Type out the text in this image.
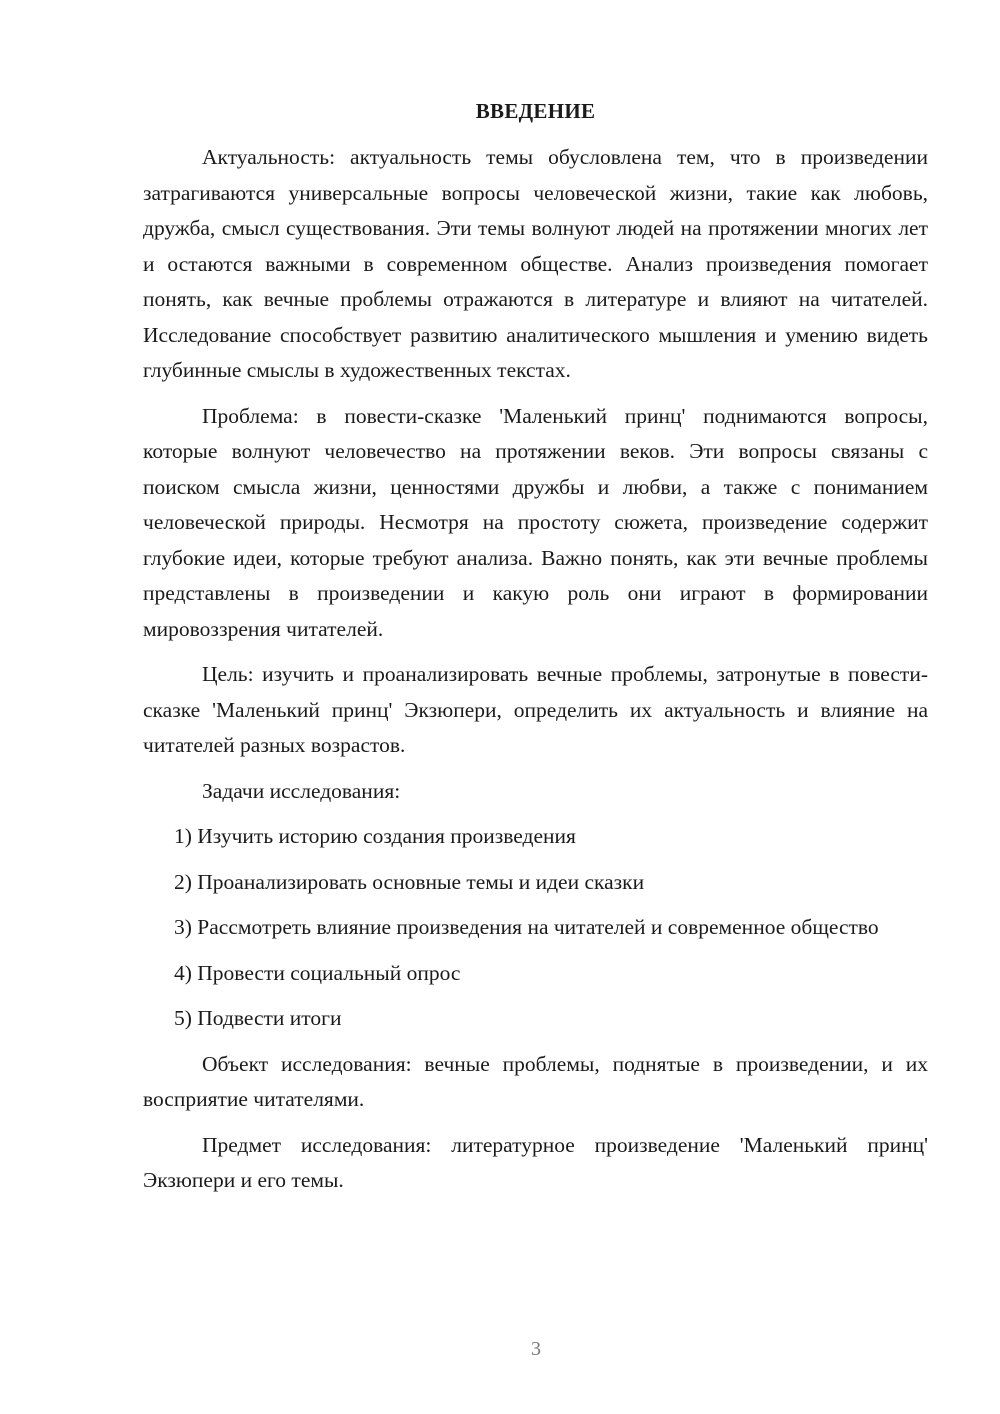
ВВЕДЕНИЕ

Актуальность: актуальность темы обусловлена тем, что в произведении затрагиваются универсальные вопросы человеческой жизни, такие как любовь, дружба, смысл существования. Эти темы волнуют людей на протяжении многих лет и остаются важными в современном обществе. Анализ произведения помогает понять, как вечные проблемы отражаются в литературе и влияют на читателей. Исследование способствует развитию аналитического мышления и умению видеть глубинные смыслы в художественных текстах.

Проблема: в повести-сказке 'Маленький принц' поднимаются вопросы, которые волнуют человечество на протяжении веков. Эти вопросы связаны с поиском смысла жизни, ценностями дружбы и любви, а также с пониманием человеческой природы. Несмотря на простоту сюжета, произведение содержит глубокие идеи, которые требуют анализа. Важно понять, как эти вечные проблемы представлены в произведении и какую роль они играют в формировании мировоззрения читателей.

Цель: изучить и проанализировать вечные проблемы, затронутые в повести-сказке 'Маленький принц' Экзюпери, определить их актуальность и влияние на читателей разных возрастов.

Задачи исследования:

1) Изучить историю создания произведения

2) Проанализировать основные темы и идеи сказки

3) Рассмотреть влияние произведения на читателей и современное общество

4) Провести социальный опрос

5) Подвести итоги

Объект исследования: вечные проблемы, поднятые в произведении, и их восприятие читателями.

Предмет исследования: литературное произведение 'Маленький принц' Экзюпери и его темы.

3
